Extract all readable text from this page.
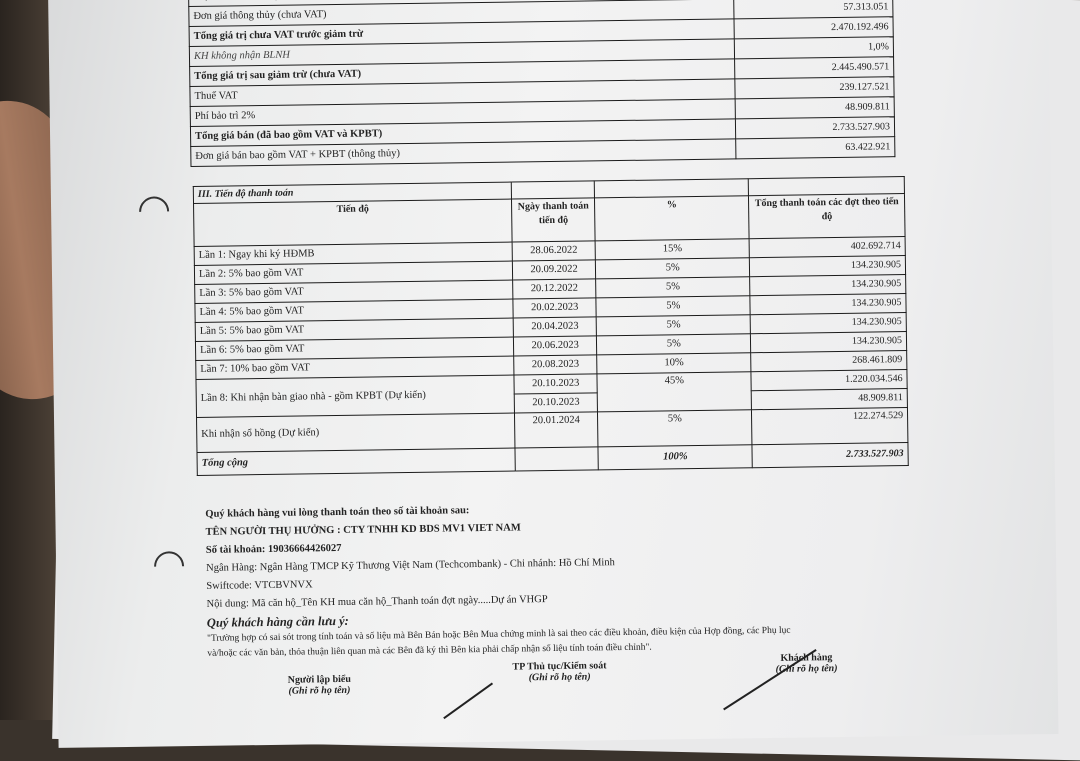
Đơn giá thông thủy (chưa VAT)	57.313.051
Tổng giá trị chưa VAT trước giảm trừ	2.470.192.496
KH không nhận BLNH	1,0%
Tổng giá trị sau giảm trừ (chưa VAT)	2.445.490.571
Thuế VAT	239.127.521
Phí bảo trì 2%	48.909.811
Tổng giá bán (đã bao gồm VAT và KPBT)	2.733.527.903
Đơn giá bán bao gồm VAT + KPBT (thông thủy)	63.422.921
III. Tiến độ thanh toán			
Tiến độ	Ngày thanh toán tiến độ	%	Tổng thanh toán các đợt theo tiến độ
Lần 1: Ngay khi ký HĐMB	28.06.2022	15%	402.692.714
Lần 2: 5% bao gồm VAT	20.09.2022	5%	134.230.905
Lần 3: 5% bao gồm VAT	20.12.2022	5%	134.230.905
Lần 4: 5% bao gồm VAT	20.02.2023	5%	134.230.905
Lần 5: 5% bao gồm VAT	20.04.2023	5%	134.230.905
Lần 6: 5% bao gồm VAT	20.06.2023	5%	134.230.905
Lần 7: 10% bao gồm VAT	20.08.2023	10%	268.461.809
Lần 8: Khi nhận bàn giao nhà - gồm KPBT (Dự kiến)	20.10.2023	45%	1.220.034.546
	20.10.2023		48.909.811
Khi nhận sổ hồng (Dự kiến)	20.01.2024	5%	122.274.529
Tổng cộng		100%	2.733.527.903
Quý khách hàng vui lòng thanh toán theo số tài khoản sau:
TÊN NGƯỜI THỤ HƯỞNG : CTY TNHH KD BDS MV1 VIET NAM
Số tài khoản: 19036664426027
Ngân Hàng: Ngân Hàng TMCP Kỹ Thương Việt Nam (Techcombank) - Chi nhánh: Hồ Chí Minh
Swiftcode: VTCBVNVX
Nội dung: Mã căn hộ_Tên KH mua căn hộ_Thanh toán đợt ngày.....Dự án VHGP
Quý khách hàng cần lưu ý:
"Trường hợp có sai sót trong tính toán và số liệu mà Bên Bán hoặc Bên Mua chứng minh là sai theo các điều khoản, điều kiện của Hợp đồng, các Phụ lục
và/hoặc các văn bản, thỏa thuận liên quan mà các Bên đã ký thì Bên kia phải chấp nhận số liệu tính toán điều chỉnh".
Người lập biểu
(Ghi rõ họ tên)
TP Thủ tục/Kiểm soát
(Ghi rõ họ tên)
Khách hàng
(Ghi rõ họ tên)
